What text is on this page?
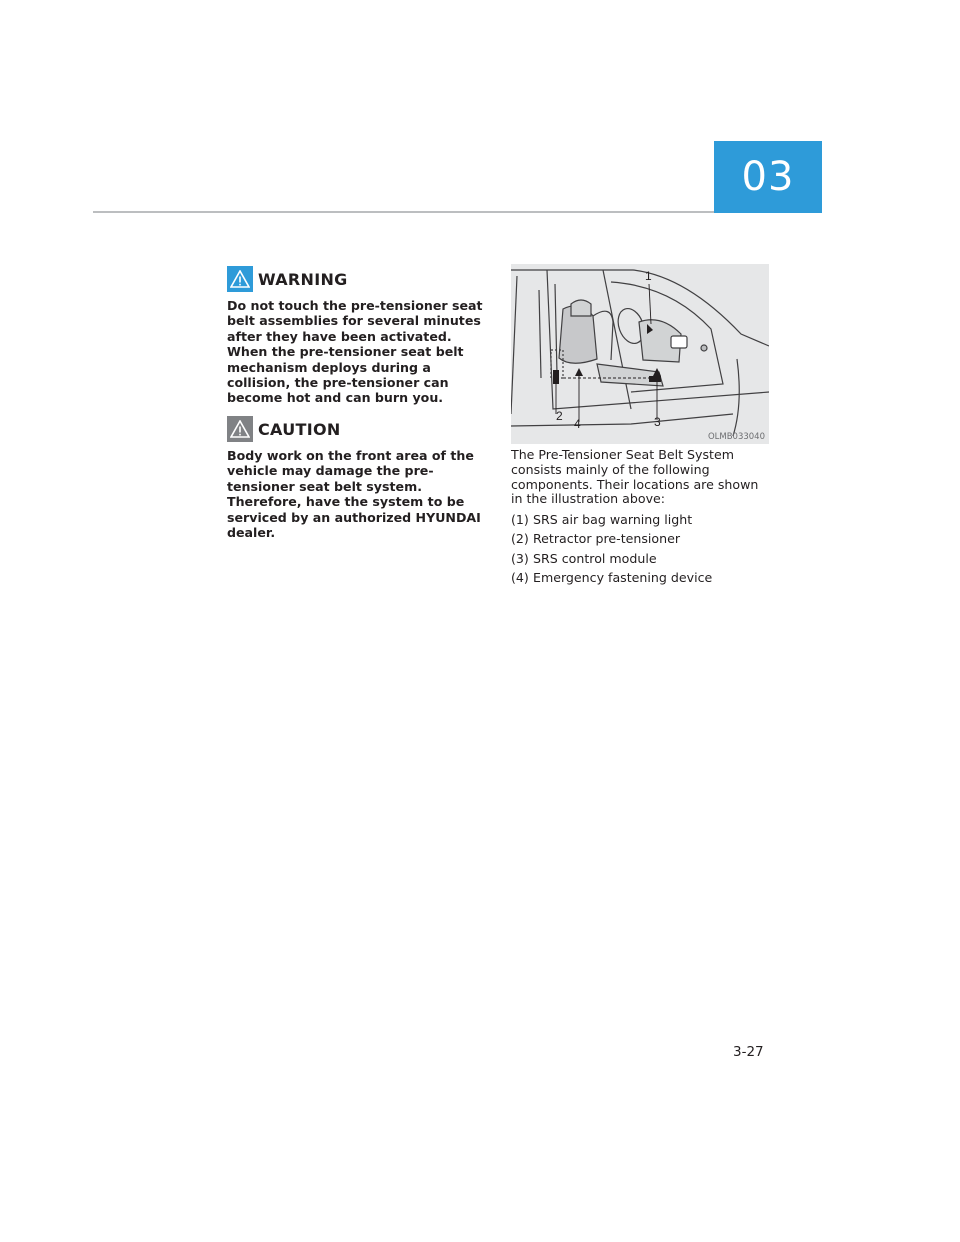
03
WARNING
Do not touch the pre-tensioner seat belt assemblies for several minutes after they have been activated. When the pre-tensioner seat belt mechanism deploys during a collision, the pre-tensioner can become hot and can burn you.
CAUTION
Body work on the front area of the vehicle may damage the pre-tensioner seat belt system. Therefore, have the system to be serviced by an authorized HYUNDAI dealer.
1
2	3
4
OLMB033040
The Pre-Tensioner Seat Belt System consists mainly of the following components. Their locations are shown in the illustration above:
(1) SRS air bag warning light
(2) Retractor pre-tensioner
(3) SRS control module
(4) Emergency fastening device
3-27
